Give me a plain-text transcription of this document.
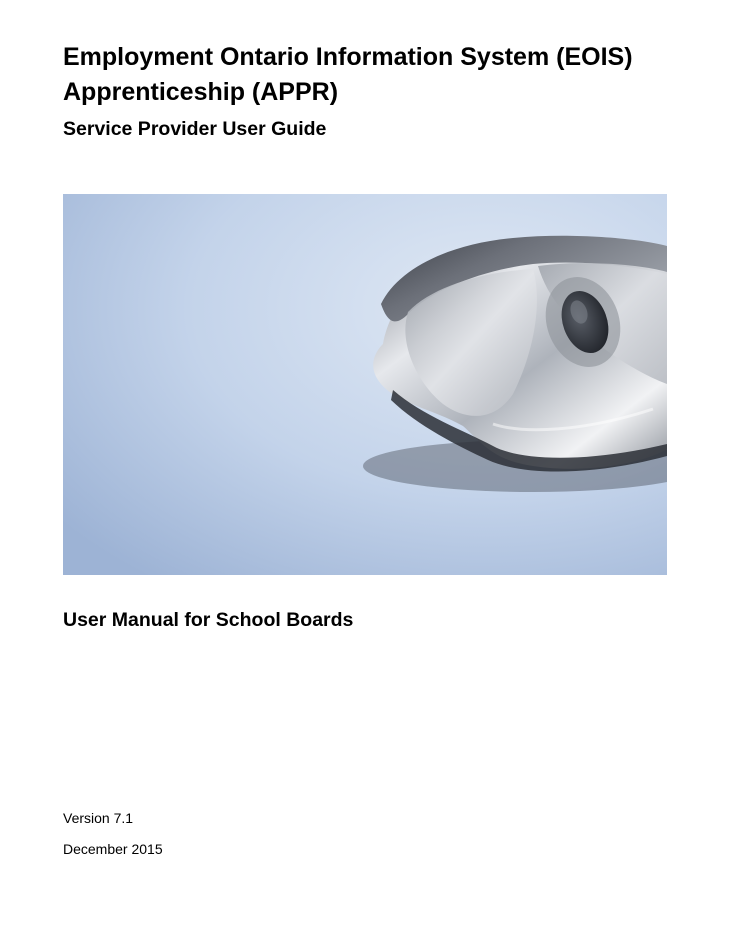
Employment Ontario Information System (EOIS)
Apprenticeship (APPR)
Service Provider User Guide
User Manual for School Boards

Version 7.1

December 2015
